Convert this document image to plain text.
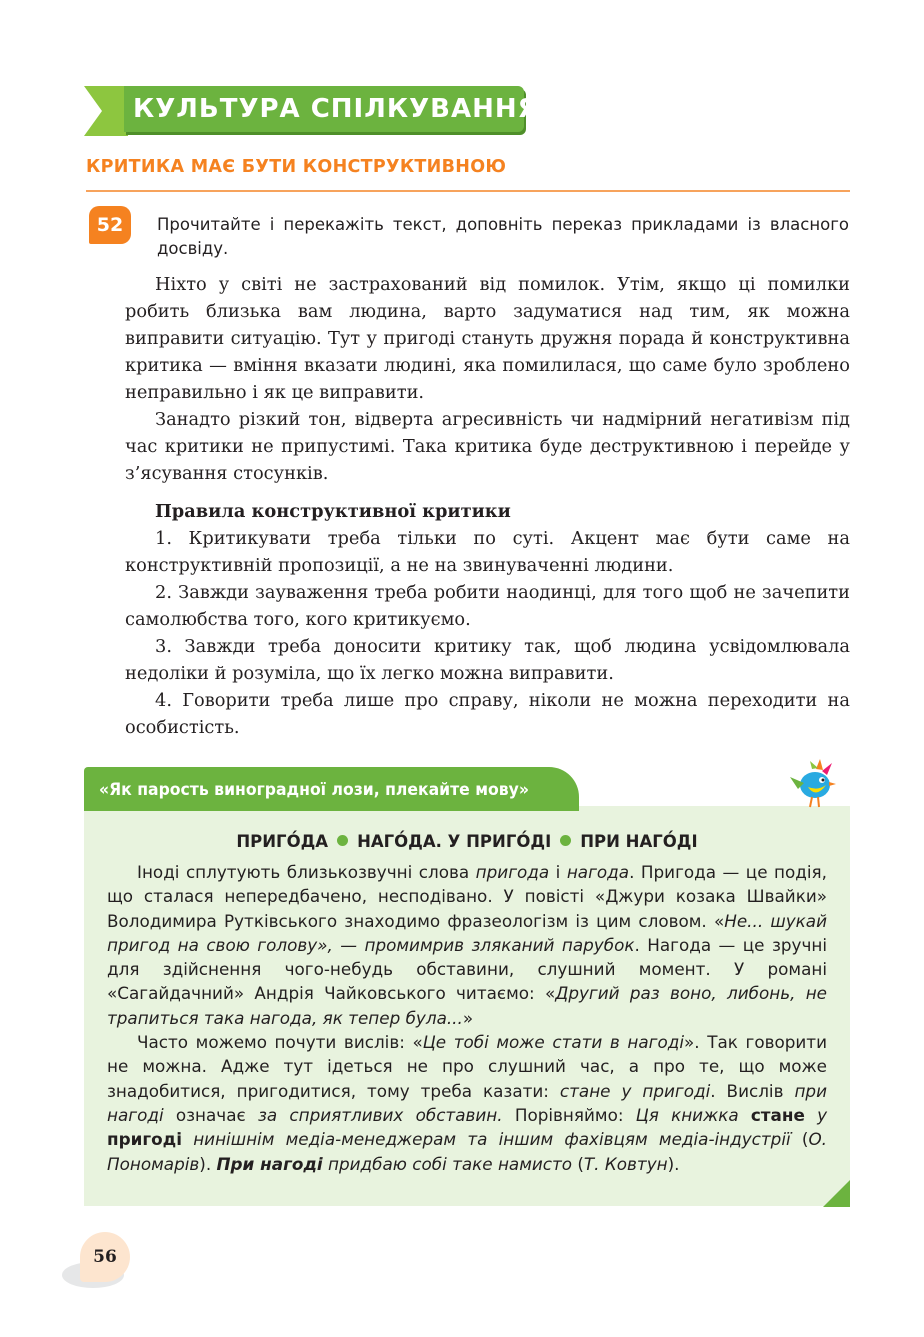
КУЛЬТУРА СПІЛКУВАННЯ
КРИТИКА МАЄ БУТИ КОНСТРУКТИВНОЮ
52	Прочитайте і перекажіть текст, доповніть переказ прикладами із власного досвіду.

Ніхто у світі не застрахований від помилок. Утім, якщо ці помилки робить близька вам людина, варто задуматися над тим, як можна виправити ситуацію. Тут у пригоді стануть дружня порада й конструктивна критика — вміння вказати людині, яка помилилася, що саме було зроблено неправильно і як це виправити.

Занадто різкий тон, відверта агресивність чи надмірний негативізм під час критики не припустимі. Така критика буде деструктивною і перейде у з’ясування стосунків.

Правила конструктивної критики

1. Критикувати треба тільки по суті. Акцент має бути саме на конструктивній пропозиції, а не на звинуваченні людини.

2. Завжди зауваження треба робити наодинці, для того щоб не зачепити самолюбства того, кого критикуємо.

3. Завжди треба доносити критику так, щоб людина усвідомлювала недоліки й розуміла, що їх легко можна виправити.

4. Говорити треба лише про справу, ніколи не можна переходити на особистість.

«Як парость виноградної лози, плекайте мову»
ПРИГО́ДА НАГО́ДА. У ПРИГО́ДІ ПРИ НАГО́ДІ

Іноді сплутують близькозвучні слова пригода і нагода. Пригода — це подія, що сталася непередбачено, несподівано. У повісті «Джури козака Швайки» Володимира Рутківського знаходимо фразеологізм із цим словом. «Не... шукай пригод на свою голову», — промимрив зляканий парубок. Нагода — це зручні для здійснення чого-небудь обставини, слушний момент. У романі «Сагайдачний» Андрія Чайковського читаємо: «Другий раз воно, либонь, не трапиться така нагода, як тепер була...»

Часто можемо почути вислів: «Це тобі може стати в нагоді». Так говорити не можна. Адже тут ідеться не про слушний час, а про те, що може знадобитися, пригодитися, тому треба казати: стане у пригоді. Вислів при нагоді означає за сприятливих обставин. Порівняймо: Ця книжка стане у пригоді нинішнім медіа-менеджерам та іншим фахівцям медіа-індустрії (О. Пономарів). При нагоді придбаю собі таке намисто (Т. Ковтун).

56
